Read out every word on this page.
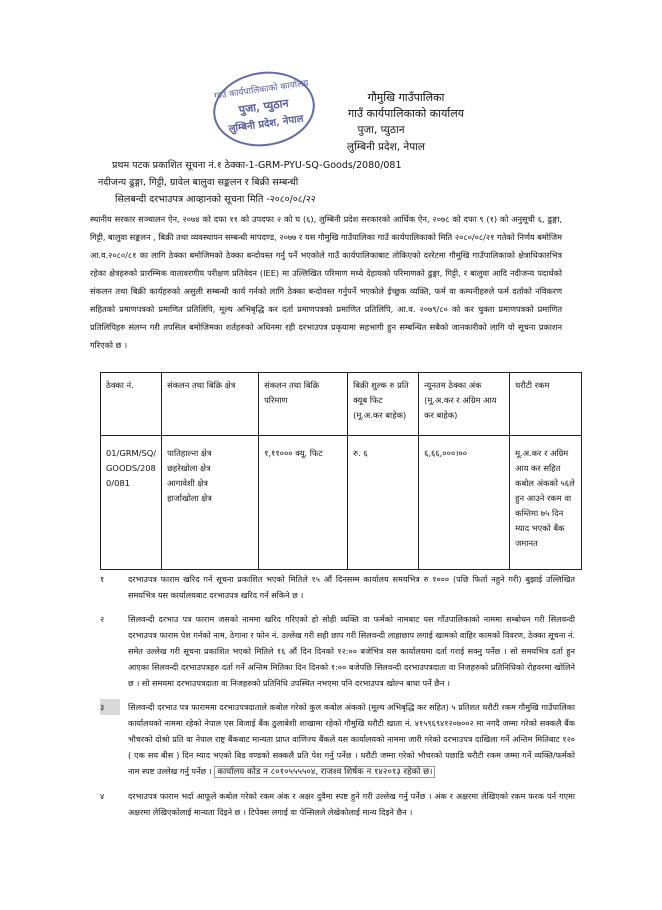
गाउँ कार्यपालिकाको कार्यालय
पुजा, प्युठान
लुम्बिनी प्रदेश, नेपाल
गौमुखि गाउँपालिका
गाउँ कार्यपालिकाको कार्यालय
पुजा, प्युठान
लुम्बिनी प्रदेश, नेपाल
प्रथम पटक प्रकाशित सूचना नं.१ ठेक्का-1-GRM-PYU-SQ-Goods/2080/081
नदीजन्य ढुङ्गा, गिट्टी, ग्रावेल बालुवा सङ्कलन र बिक्री सम्बन्धी
सिलबन्दी दरभाउपत्र आव्हानको सूचना मिति -२०८०/०८/२२
स्थानीय सरकार सञ्चालन ऐन, २०७४ को दफा ११ को उपदफा २ को घ (६), लुम्बिनी प्रदेश सरकारको आर्थिक ऐन, २०७८ को दफा ९ (१) को अनुसूची ६, ढुङ्गा, गिट्टी, बालुवा सङ्कलन , बिक्री तथा व्यवस्थापन सम्बन्धी मापदण्ड, २०७७ र यस गौमुखि गाउँपालिका गाउँ कार्यपालिकाको मिति २०८०/०८/२१ गतेको निर्णय बमोजिम आ.व.२०८०/८१ का लागि ठेक्का बमोजिमको ठेक्का बन्दोवस्त गर्नु पर्ने भएकोले गाउँ कार्यपालिकाबाट तोकिएको दररेटमा गौमुखि गाउँपालिकाको क्षेत्राधिकारभित्र रहेका क्षेत्रहरुको प्रारम्भिक वातावरणीय परीक्षण प्रतिवेदन (IEE) मा उल्लिखित परिमाण मध्ये देहायको परिमाणको ढुङ्गा, गिट्टी, र बालुवा आदि नदीजन्य पदार्थको संकलन तथा बिक्री कार्यहरुको असुली सम्बन्धी कार्य गर्नको लागि ठेक्का बन्दोवस्त गर्नुपर्ने भएकोले ईच्छुक व्यक्ति, फर्म वा कम्पनीहरुले फर्म दर्ताको नविकरण सहितको प्रमाणपत्रको प्रमाणित प्रतिलिपि, मूल्य अभिबृद्धि कर दर्ता प्रमाणपत्रको प्रमाणित प्रतिलिपि, आ.व. २०७९/८० को कर चुक्ता प्रमाणपत्रको प्रमाणित प्रतिलिपिहरु संलग्न गरी तपसिल बमोजिमका शर्तहरुको अधिनमा रही दरभाउपत्र प्रकृयामा सहभागी हुन सम्बन्धित सबैको जानकारीको लागि यो सूचना प्रकाशन गरिएको छ ।
ठेक्का नं.	संकलन तथा बिक्रि क्षेत्र	संकलन तथा बिक्रि परिमाण	बिक्री शुल्क रु प्रति क्यूब फिट (मू.अ.कर बाहेक)	न्यूनतम ठेक्का अंक (मू.अ.कर र अग्रिम आय कर बाहेक)	धरौटी रकम
01/GRM/SQ/ GOODS/208 0/081	पातिहाल्ना क्षेत्र
छहरेखोला क्षेत्र
आगावेशी क्षेत्र
हार्जाखोला क्षेत्र	१,११००० क्यू. फिट	रु. ६	६,६६,०००।००	मू.अ.कर र अग्रिम आय कर सहित कबोल अंकको ५६ले हुन आउने रकम वा कम्तिमा ७५ दिन म्याद भएको बैंक जमानत
१	दरभाउपत्र फाराम खरिद गर्न सूचना प्रकाशित भएको मितिले १५ औं दिनसम्म कार्यालय समयभित्र रु १००० (पछि फिर्ता नहुने गरी) बुझाई उल्लिखित समयभित्र यस कार्यालयबाट दरभाउपत्र खरिद गर्न सकिने छ ।
२	सिलवन्दी दरभाउ पत्र फाराम जसको नाममा खरिद गरिएको हो सोही व्यक्ति वा फर्मको नामबाट यस गाँउपालिकाको नाममा सम्बोधन गरी सिलवन्दी दरभाउपत्र फाराम पेश गर्नको नाम, ठेगाना र फोन नं. उल्लेख गरी सही छाप गरी सिलवन्दी लाहाछाप लगाई खामको वाहिर कामको विवरण, ठेक्का सूचना नं. समेत उल्लेख गरी सूचना प्रकाशित भएको मितिले १६ औं दिन दिनको १२:०० बजेभित्र यस कार्यालयमा दर्ता गराई सक्नु पर्नेछ । सो समयभित्र दर्ता हुन आएका सिलवन्दी दरभाउपत्रहरु दर्ता गर्ने अन्तिम मितिका दिन दिनको १:०० बजेपछि सिलवन्दी दरभाउपत्रदाता वा निजहरुको प्रतिनिधिको रोहवरमा खोलिने छ । सो समयमा दरभाउपत्रदाता वा निजहरुको प्रतिनिधि उपस्थित नभएमा पनि दरभाउपत्र खोल्न बाधा पर्ने छैन ।
३	सिलवन्दी दरभाउ पत्र फाराममा दरभाउपत्रदाताले कबोल गरेको कुल कबोल अंकको (मूल्य अभिबृद्धि कर सहित) ५ प्रतिशत धरौटी रकम गौमुखि गाउँपालिका कार्यालयको नाममा रहेको नेपाल एस बिजाई बैंक ठुलाबेशी शाखामा रहेको गौमुखि धरौटी खाता नं. ४१५९६९४१२०७००२ मा नगदै जम्मा गरेको सक्कलै बैंक भौचरको दोश्रो प्रति वा नेपाल राष्ट्र बैंकबाट मान्यता प्राप्त वाणिज्य बैंकले यस कार्यालयको नाममा जारी गरेको दरभाउपत्र दाखिला गर्ने अन्तिम मितिबाट १२० ( एक सय बीस ) दिन म्याद भएको बिड वण्डको सक्कलै प्रति पेश गर्नु पर्नेछ । धरौटी जम्मा गरेको भौचरको पछाडि धरौटी रकम जम्मा गर्ने व्यक्ति/फर्मको नाम स्पष्ट उल्लेख गर्नु पर्नेछ । कार्यालय कोड न ८०१०५५५५०४, राजश्व शिर्षक न १४२०१३ रहेको छ।
४	दरभाउपत्र फाराम भर्दा आफूले कबोल गरेको रकम अंक र अक्षर दुवैमा स्पष्ट हुने गरी उल्लेख गर्नु पर्नेछ । अंक र अक्षरमा लेखिएको रकम फरक पर्न गएमा अक्षरमा लेखिएकोलाई मान्यता दिइने छ । टिपेक्स लगाई वा पेन्सिलले लेखेकोलाई मान्य दिइने छैन ।
